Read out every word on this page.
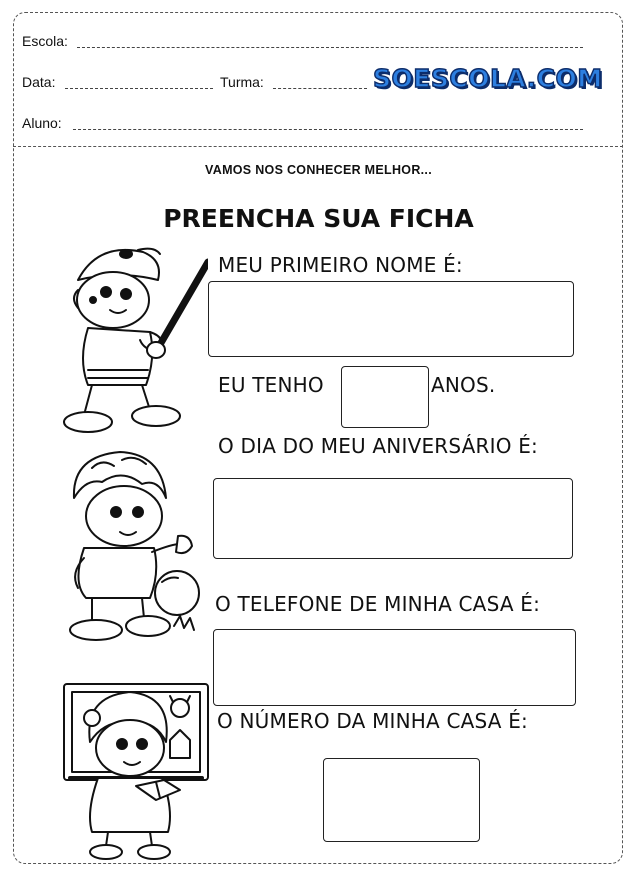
Escola:
Data:	Turma:	SOESCOLA.COM
Aluno:
VAMOS NOS CONHECER MELHOR...
PREENCHA SUA FICHA
MEU PRIMEIRO NOME É:
EU TENHO	ANOS.
O DIA DO MEU ANIVERSÁRIO É:
O TELEFONE DE MINHA CASA É:
O NÚMERO DA MINHA CASA É:
